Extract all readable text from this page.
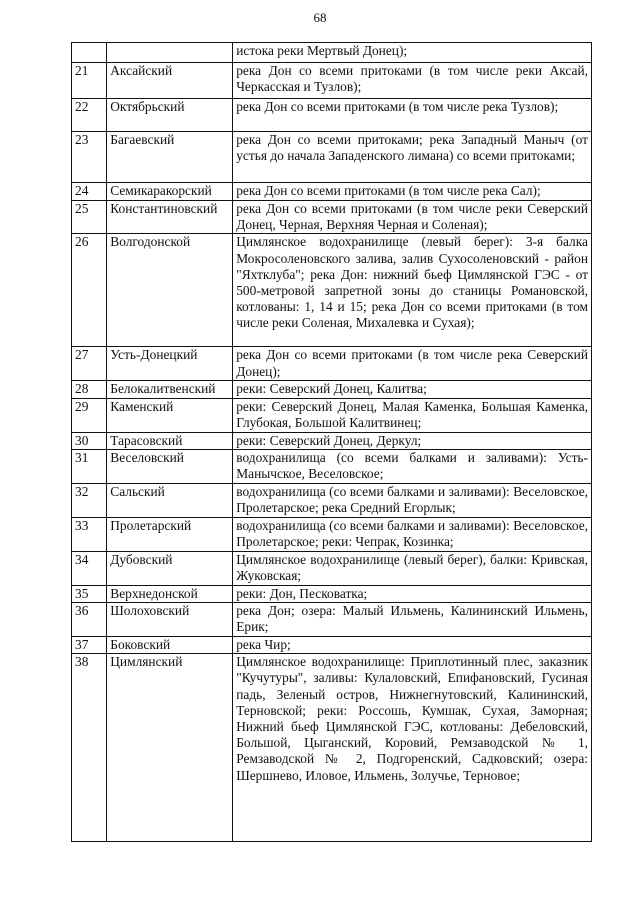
68
		истока реки Мертвый Донец);
21	Аксайский	река Дон со всеми притоками (в том числе реки Аксай, Черкасская и Тузлов);
22	Октябрьский	река Дон со всеми притоками (в том числе река Тузлов);
23	Багаевский	река Дон со всеми притоками; река Западный Маныч (от устья до начала Западенского лимана) со всеми притоками;
24	Семикаракорский	река Дон со всеми притоками (в том числе река Сал);
25	Константиновский	река Дон со всеми притоками (в том числе реки Северский Донец, Черная, Верхняя Черная и Соленая);
26	Волгодонской	Цимлянское водохранилище (левый берег): 3-я балка Мокросоленовского залива, залив Сухосоленовский - район "Яхтклуба"; река Дон: нижний бьеф Цимлянской ГЭС - от 500-метровой запретной зоны до станицы Романовской, котлованы: 1, 14 и 15; река Дон со всеми притоками (в том числе реки Соленая, Михалевка и Сухая);
27	Усть-Донецкий	река Дон со всеми притоками (в том числе река Северский Донец);
28	Белокалитвенский	реки: Северский Донец, Калитва;
29	Каменский	реки: Северский Донец, Малая Каменка, Большая Каменка, Глубокая, Большой Калитвинец;
30	Тарасовский	реки: Северский Донец, Деркул;
31	Веселовский	водохранилища (со всеми балками и заливами): Усть-Манычское, Веселовское;
32	Сальский	водохранилища (со всеми балками и заливами): Веселовское, Пролетарское; река Средний Егорлык;
33	Пролетарский	водохранилища (со всеми балками и заливами): Веселовское, Пролетарское; реки: Чепрак, Козинка;
34	Дубовский	Цимлянское водохранилище (левый берег), балки: Кривская, Жуковская;
35	Верхнедонской	реки: Дон, Песковатка;
36	Шолоховский	река Дон; озера: Малый Ильмень, Калининский Ильмень, Ерик;
37	Боковский	река Чир;
38	Цимлянский	Цимлянское водохранилище: Приплотинный плес, заказник "Кучутуры", заливы: Кулаловский, Епифановский, Гусиная падь, Зеленый остров, Нижнегнутовский, Калининский, Терновской; реки: Россошь, Кумшак, Сухая, Заморная; Нижний бьеф Цимлянской ГЭС, котлованы: Дебеловский, Большой, Цыганский, Коровий, Ремзаводской № 1, Ремзаводской № 2, Подгоренский, Садковский; озера: Шершнево, Иловое, Ильмень, Золучье, Терновое;
